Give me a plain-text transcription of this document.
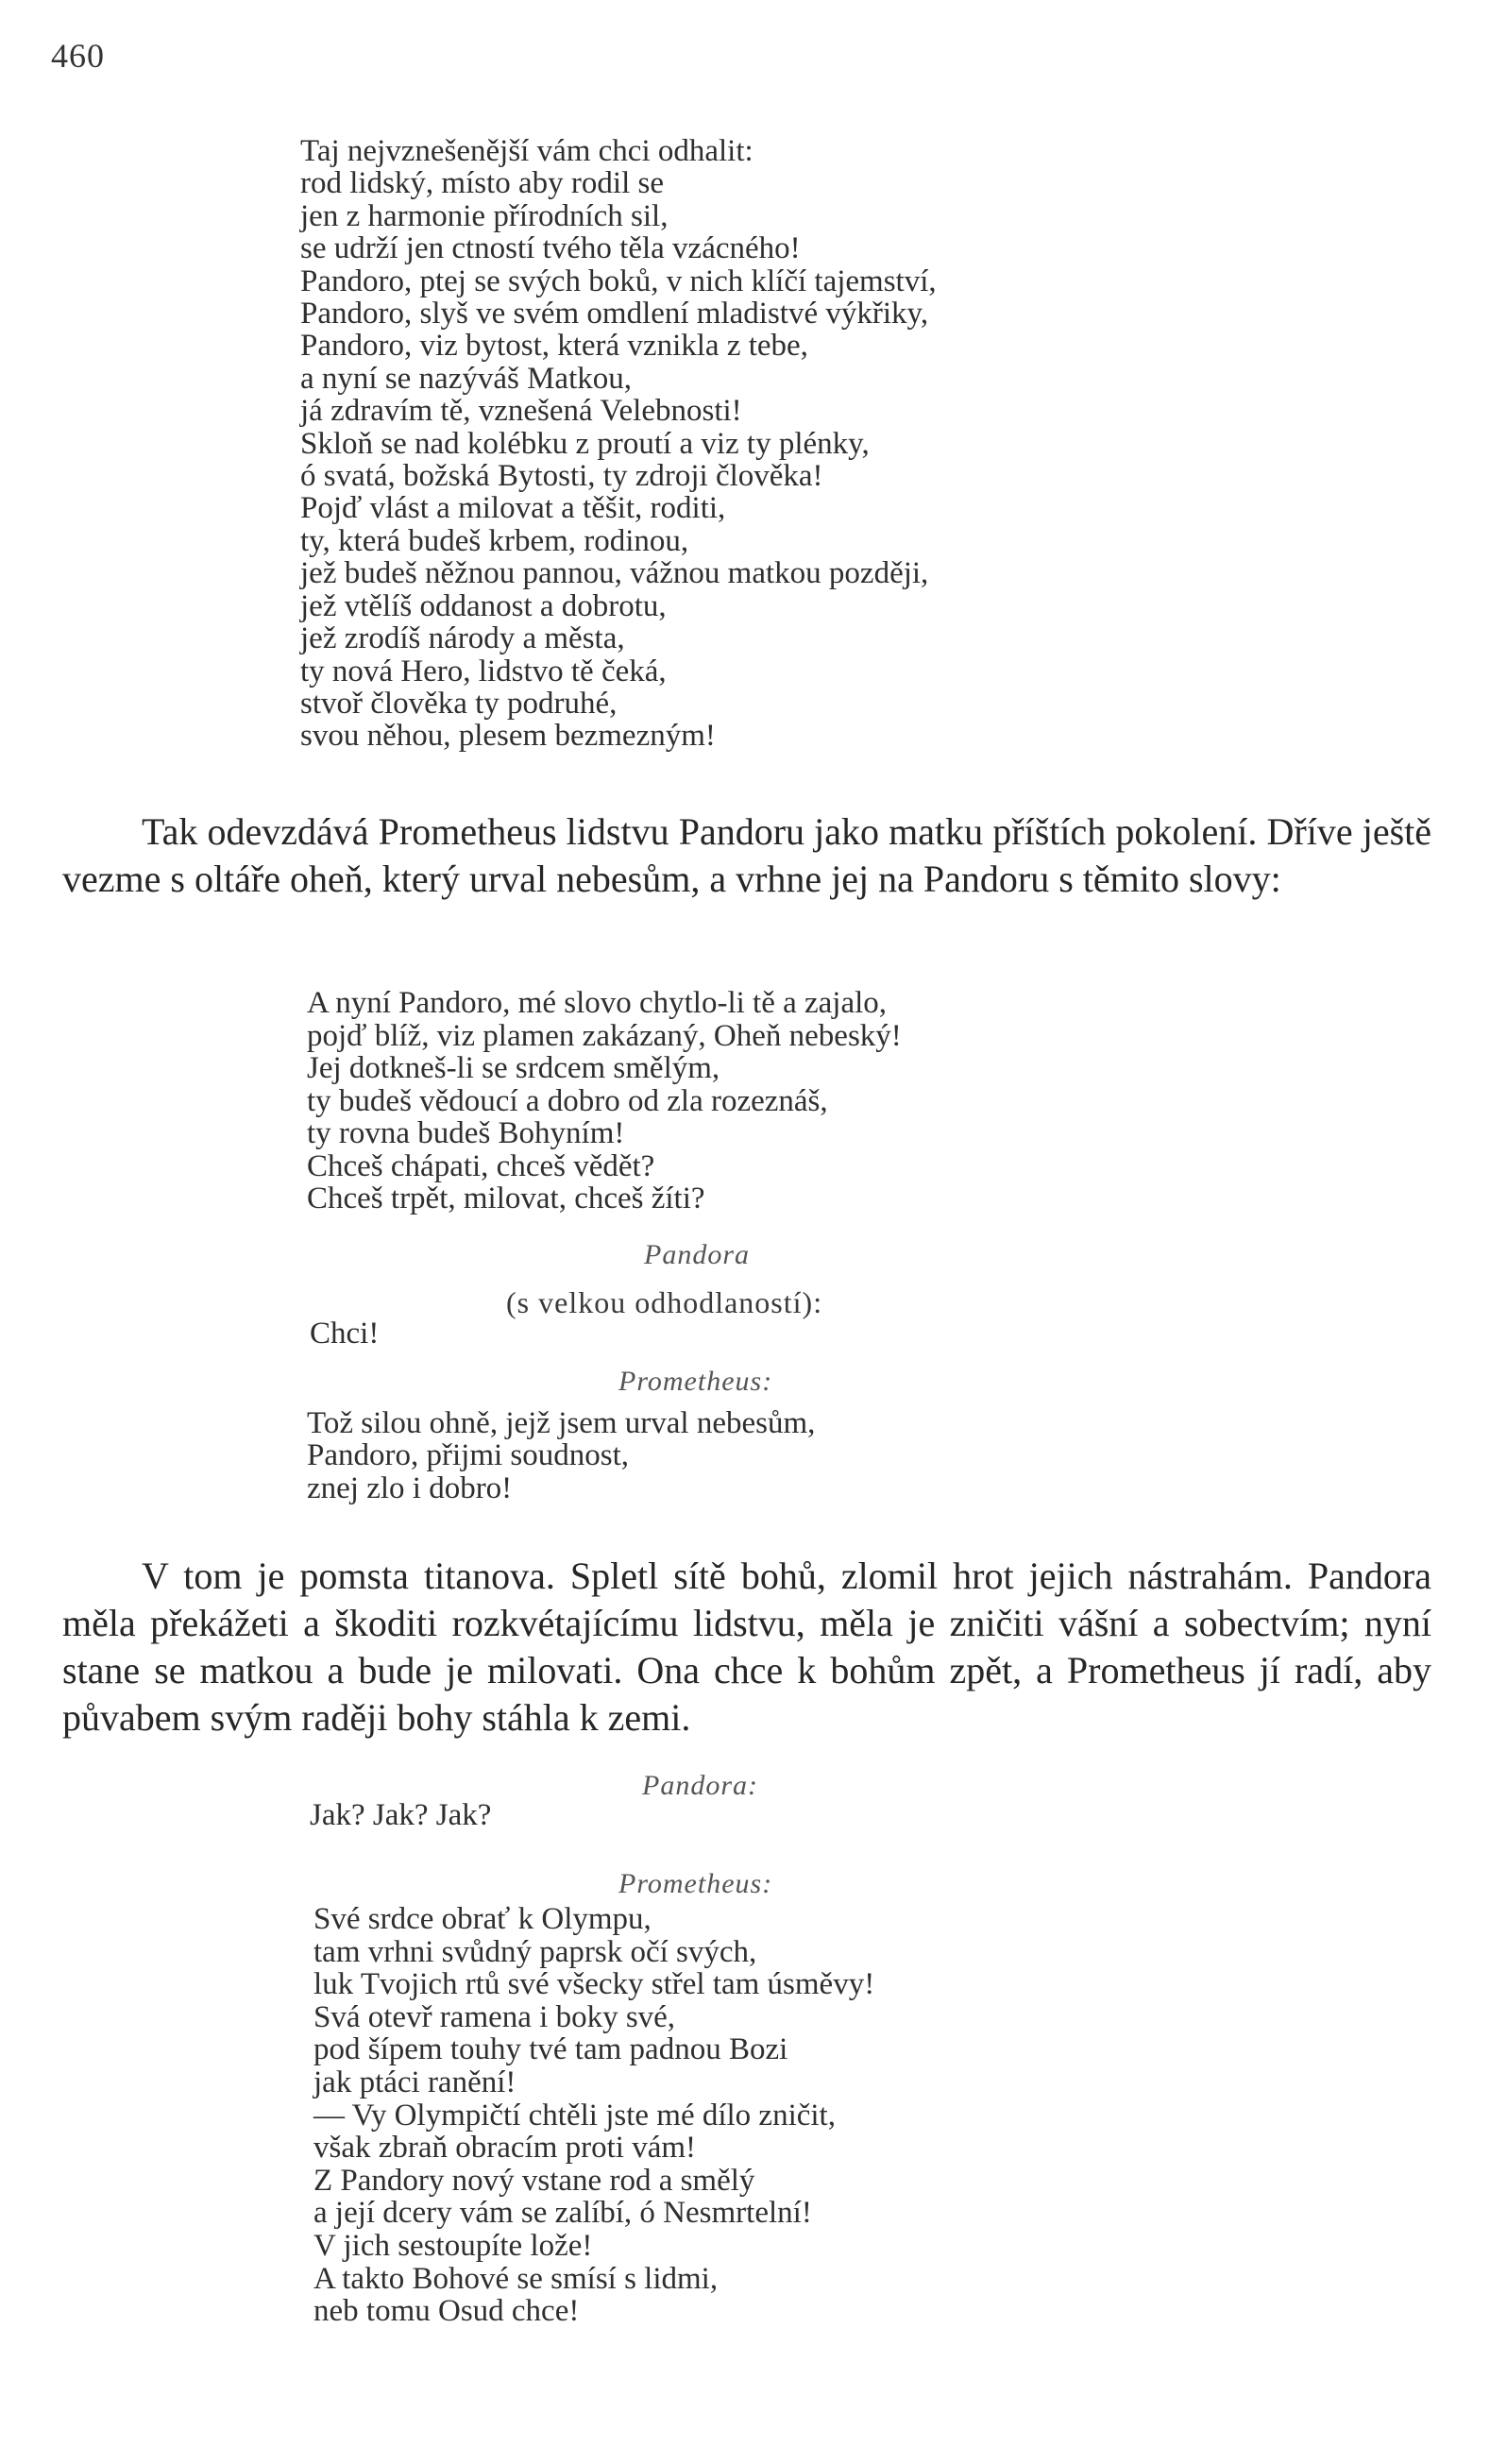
460
Taj nejvznešenější vám chci odhalit:
rod lidský, místo aby rodil se
jen z harmonie přírodních sil,
se udrží jen ctností tvého těla vzácného!
Pandoro, ptej se svých boků, v nich klíčí tajemství,
Pandoro, slyš ve svém omdlení mladistvé výkřiky,
Pandoro, viz bytost, která vznikla z tebe,
a nyní se nazýváš Matkou,
já zdravím tě, vznešená Velebnosti!
Skloň se nad kolébku z proutí a viz ty plénky,
ó svatá, božská Bytosti, ty zdroji člověka!
Pojď vlást a milovat a těšit, roditi,
ty, která budeš krbem, rodinou,
jež budeš něžnou pannou, vážnou matkou později,
jež vtělíš oddanost a dobrotu,
jež zrodíš národy a města,
ty nová Hero, lidstvo tě čeká,
stvoř člověka ty podruhé,
svou něhou, plesem bezmezným!

Tak odevzdává Prometheus lidstvu Pandoru jako matku příštích pokolení. Dříve ještě vezme s oltáře oheň, který urval nebesům, a vrhne jej na Pandoru s těmito slovy:

A nyní Pandoro, mé slovo chytlo-li tě a zajalo,
pojď blíž, viz plamen zakázaný, Oheň nebeský!
Jej dotkneš-li se srdcem smělým,
ty budeš vědoucí a dobro od zla rozeznáš,
ty rovna budeš Bohyním!
Chceš chápati, chceš vědět?
Chceš trpět, milovat, chceš žíti?
Pandora
(s velkou odhodlaností):
Chci!
Prometheus:
Tož silou ohně, jejž jsem urval nebesům,
Pandoro, přijmi soudnost,
znej zlo i dobro!

V tom je pomsta titanova. Spletl sítě bohů, zlomil hrot jejich nástrahám. Pandora měla překážeti a škoditi rozkvétajícímu lidstvu, měla je zničiti vášní a sobectvím; nyní stane se matkou a bude je milovati. Ona chce k bohům zpět, a Prometheus jí radí, aby půvabem svým raději bohy stáhla k zemi.

Pandora:
Jak? Jak? Jak?
Prometheus:
Své srdce obrať k Olympu,
tam vrhni svůdný paprsk očí svých,
luk Tvojich rtů své všecky střel tam úsměvy!
Svá otevř ramena i boky své,
pod šípem touhy tvé tam padnou Bozi
jak ptáci ranění!
— Vy Olympičtí chtěli jste mé dílo zničit,
však zbraň obracím proti vám!
Z Pandory nový vstane rod a smělý
a její dcery vám se zalíbí, ó Nesmrtelní!
V jich sestoupíte lože!
A takto Bohové se smísí s lidmi,
neb tomu Osud chce!
